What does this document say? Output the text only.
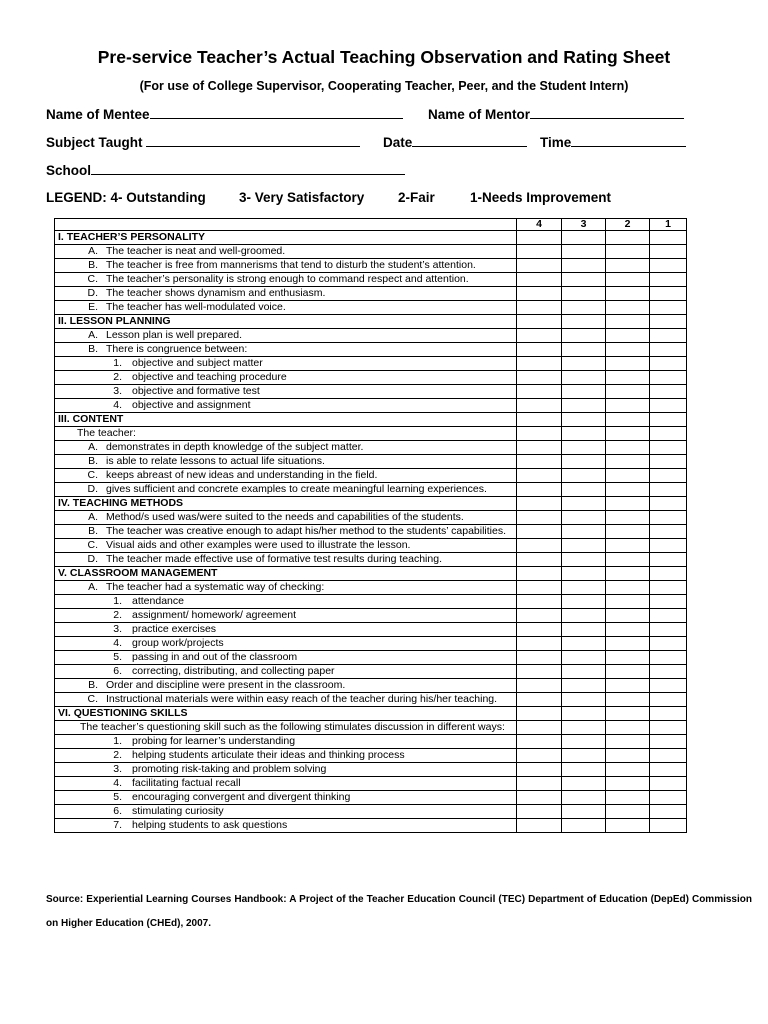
Pre-service Teacher’s Actual Teaching Observation and Rating Sheet
(For use of College Supervisor, Cooperating Teacher, Peer, and the Student Intern)
Name of Mentee	Name of Mentor
Subject Taught	Date	Time
School
LEGEND: 4- Outstanding 3- Very Satisfactory 2-Fair	1-Needs Improvement
	4	3	2	1
I. TEACHER’S PERSONALITY				

A. The teacher is neat and well-groomed.				

B. The teacher is free from mannerisms that tend to disturb the student’s attention.				

C. The teacher’s personality is strong enough to command respect and attention.				

D. The teacher shows dynamism and enthusiasm.				

E. The teacher has well-modulated voice.				

II. LESSON PLANNING				

A. Lesson plan is well prepared.				

B. There is congruence between:				

1. objective and subject matter				

2. objective and teaching procedure				

3. objective and formative test				

4. objective and assignment				

III. CONTENT				
The teacher:				

A. demonstrates in depth knowledge of the subject matter.				

B. is able to relate lessons to actual life situations.				

C. keeps abreast of new ideas and understanding in the field.				

D. gives sufficient and concrete examples to create meaningful learning experiences.				

IV. TEACHING METHODS				

A. Method/s used was/were suited to the needs and capabilities of the students.				

B. The teacher was creative enough to adapt his/her method to the students’ capabilities.				

C. Visual aids and other examples were used to illustrate the lesson.				

D. The teacher made effective use of formative test results during teaching.				

V. CLASSROOM MANAGEMENT				

A. The teacher had a systematic way of checking:				

1. attendance				

2. assignment/ homework/ agreement				

3. practice exercises				

4. group work/projects				

5. passing in and out of the classroom				

6. correcting, distributing, and collecting paper				

B. Order and discipline were present in the classroom.				

C. Instructional materials were within easy reach of the teacher during his/her teaching.				

VI. QUESTIONING SKILLS				
The teacher’s questioning skill such as the following stimulates discussion in different ways:				

1. probing for learner’s understanding				

2. helping students articulate their ideas and thinking process				

3. promoting risk-taking and problem solving				

4. facilitating factual recall				

5. encouraging convergent and divergent thinking				

6. stimulating curiosity				

7. helping students to ask questions				

Source: Experiential Learning Courses Handbook: A Project of the Teacher Education Council (TEC) Department of Education (DepEd) Commission on Higher Education (CHEd), 2007.
